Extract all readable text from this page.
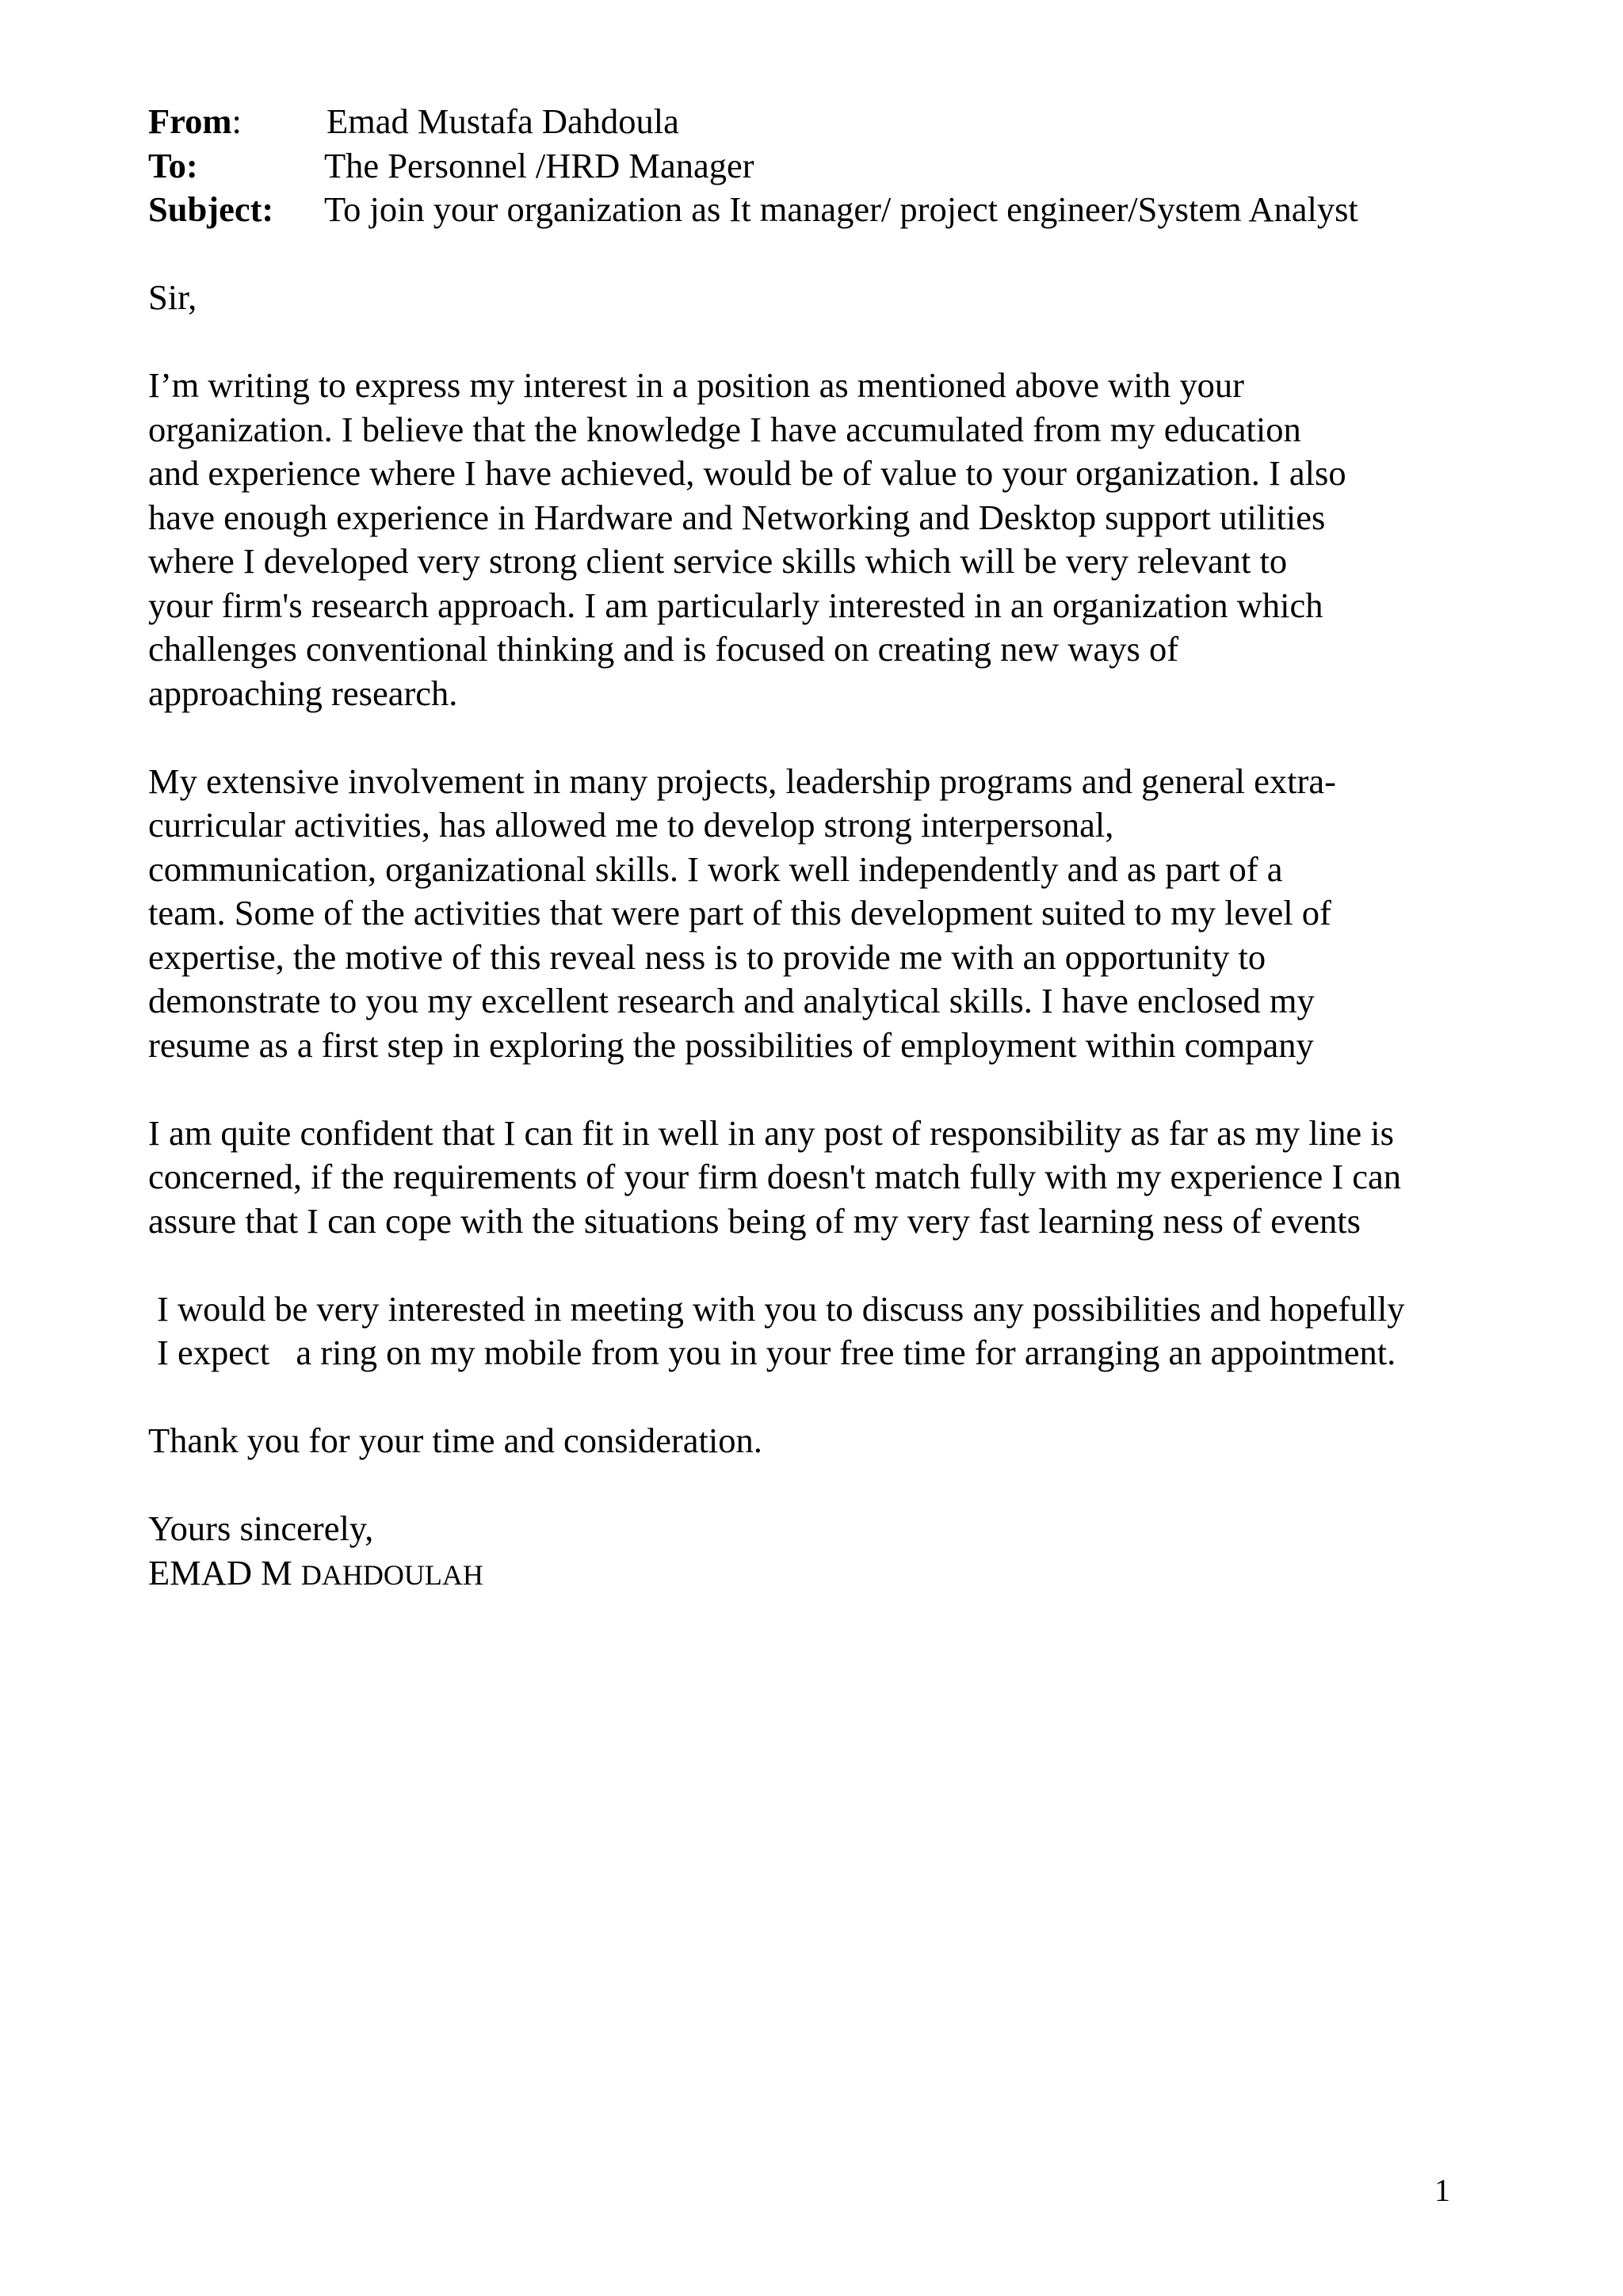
From: Emad Mustafa Dahdoula
To:	The Personnel /HRD Manager
Subject: To join your organization as It manager/ project engineer/System Analyst
Sir,
I’m writing to express my interest in a position as mentioned above with your
organization. I believe that the knowledge I have accumulated from my education
and experience where I have achieved, would be of value to your organization. I also
have enough experience in Hardware and Networking and Desktop support utilities
where I developed very strong client service skills which will be very relevant to
your firm's research approach. I am particularly interested in an organization which
challenges conventional thinking and is focused on creating new ways of
approaching research.
My extensive involvement in many projects, leadership programs and general extra-
curricular activities, has allowed me to develop strong interpersonal,
communication, organizational skills. I work well independently and as part of a
team. Some of the activities that were part of this development suited to my level of
expertise, the motive of this reveal ness is to provide me with an opportunity to
demonstrate to you my excellent research and analytical skills. I have enclosed my
resume as a first step in exploring the possibilities of employment within company
I am quite confident that I can fit in well in any post of responsibility as far as my line is
concerned, if the requirements of your firm doesn't match fully with my experience I can
assure that I can cope with the situations being of my very fast learning ness of events
I would be very interested in meeting with you to discuss any possibilities and hopefully
I expect   a ring on my mobile from you in your free time for arranging an appointment.
Thank you for your time and consideration.
Yours sincerely,
EMAD M DAHDOULAH
1
